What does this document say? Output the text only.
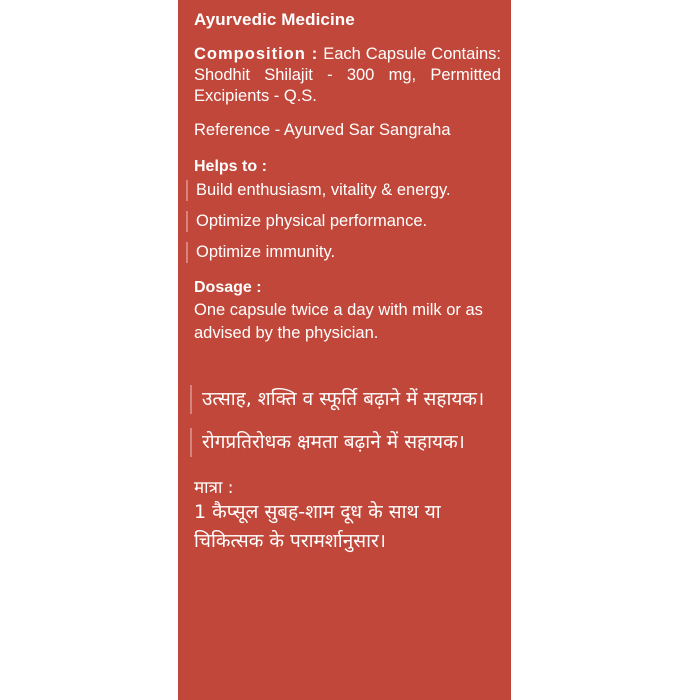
Ayurvedic Medicine
Composition : Each Capsule Contains: Shodhit Shilajit - 300 mg, Permitted Excipients - Q.S.
Reference - Ayurved Sar Sangraha
Helps to :
Build enthusiasm, vitality & energy.
Optimize physical performance.
Optimize immunity.
Dosage :
One capsule twice a day with milk or as advised by the physician.
उत्साह, शक्ति व स्फूर्ति बढ़ाने में सहायक।
रोगप्रतिरोधक क्षमता बढ़ाने में सहायक।
मात्रा :
1 कैप्सूल सुबह-शाम दूध के साथ या चिकित्सक के परामर्शानुसार।
